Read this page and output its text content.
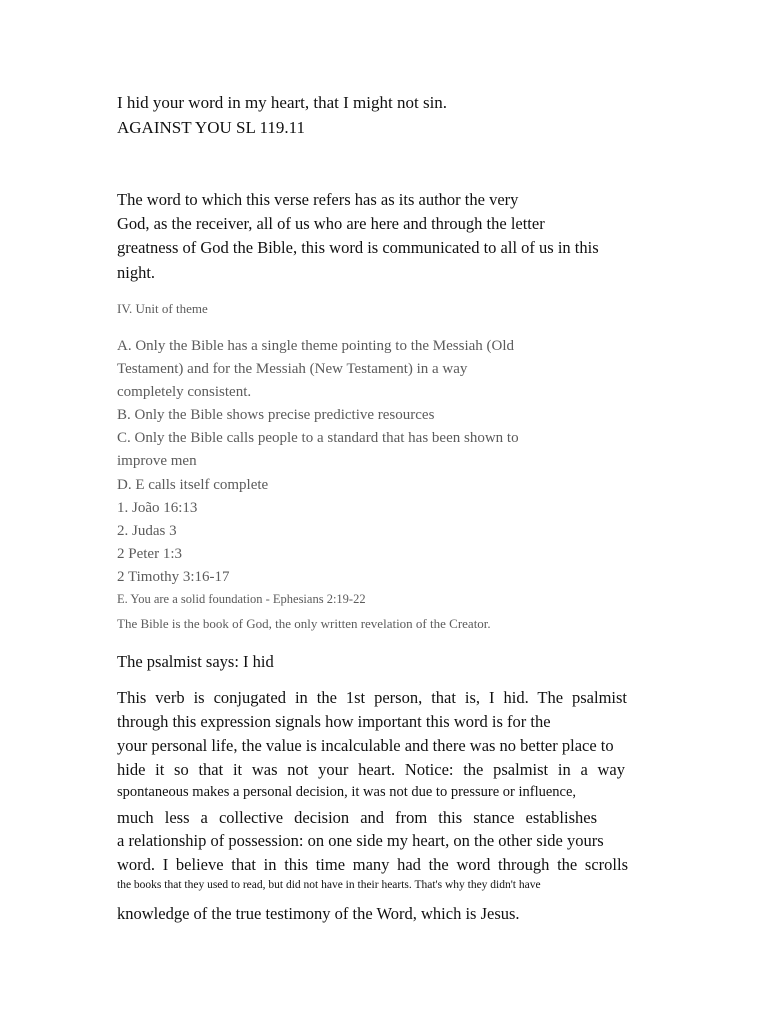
I hid your word in my heart, that I might not sin.

AGAINST YOU SL 119.11

The word to which this verse refers has as its author the very

God, as the receiver, all of us who are here and through the letter

greatness of God the Bible, this word is communicated to all of us in this

night.

IV. Unit of theme

A. Only the Bible has a single theme pointing to the Messiah (Old

Testament) and for the Messiah (New Testament) in a way

completely consistent.

B. Only the Bible shows precise predictive resources

C. Only the Bible calls people to a standard that has been shown to

improve men

D. E calls itself complete

1. João 16:13

2. Judas 3

2 Peter 1:3

2 Timothy 3:16-17

E. You are a solid foundation - Ephesians 2:19-22

The Bible is the book of God, the only written revelation of the Creator.

The psalmist says: I hid

This verb is conjugated in the 1st person, that is, I hid. The psalmist

through this expression signals how important this word is for the

your personal life, the value is incalculable and there was no better place to

hide it so that it was not your heart. Notice: the psalmist in a way

spontaneous makes a personal decision, it was not due to pressure or influence,

much less a collective decision and from this stance establishes

a relationship of possession: on one side my heart, on the other side yours

word. I believe that in this time many had the word through the scrolls

the books that they used to read, but did not have in their hearts. That's why they didn't have

knowledge of the true testimony of the Word, which is Jesus.
